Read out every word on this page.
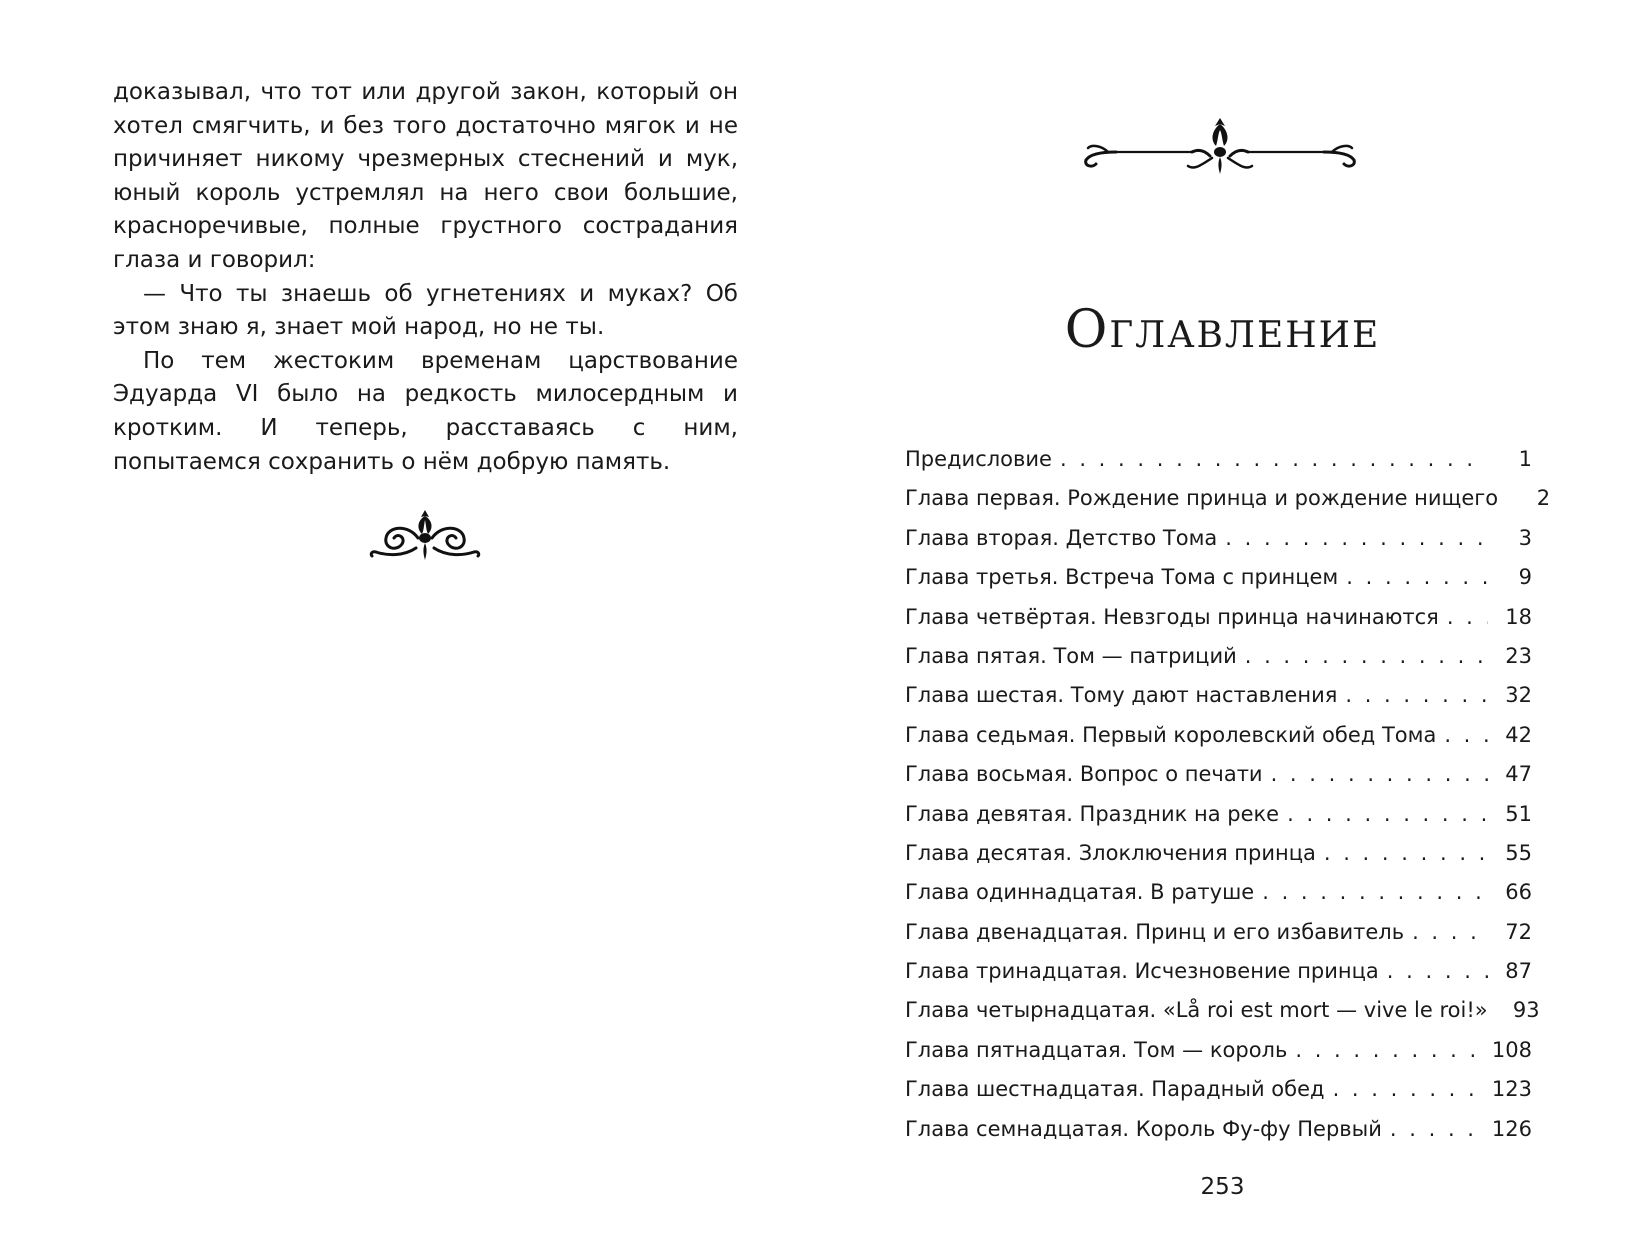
доказывал, что тот или другой закон, который он хотел смягчить, и без того достаточно мягок и не причиняет никому чрезмерных стеснений и мук, юный король устремлял на него свои большие, красноречивые, полные грустного сострадания глаза и говорил:

— Что ты знаешь об угнетениях и муках? Об этом знаю я, знает мой народ, но не ты.

По тем жестоким временам царствование Эдуарда VI было на редкость милосердным и кротким. И теперь, расставаясь с ним, попытаемся сохранить о нём добрую память.

Оглавление
Предисловие . . .	1
Глава первая. Рождение принца и рождение нищего	2
Глава вторая. Детство Тома . . .	3
Глава третья. Встреча Тома с принцем . . .	9
Глава четвёртая. Невзгоды принца начинаются . . .	18
Глава пятая. Том — патриций . . .	23
Глава шестая. Тому дают наставления . . .	32
Глава седьмая. Первый королевский обед Тома . . .	42
Глава восьмая. Вопрос о печати . . .	47
Глава девятая. Праздник на реке . . .	51
Глава десятая. Злоключения принца . . .	55
Глава одиннадцатая. В ратуше . . .	66
Глава двенадцатая. Принц и его избавитель . . .	72
Глава тринадцатая. Исчезновение принца . . .	87
Глава четырнадцатая. «Lå roi est mort — vive le roi!»	93
Глава пятнадцатая. Том — король . . .	108
Глава шестнадцатая. Парадный обед . . .	123
Глава семнадцатая. Король Фу-фу Первый . . .	126
253
